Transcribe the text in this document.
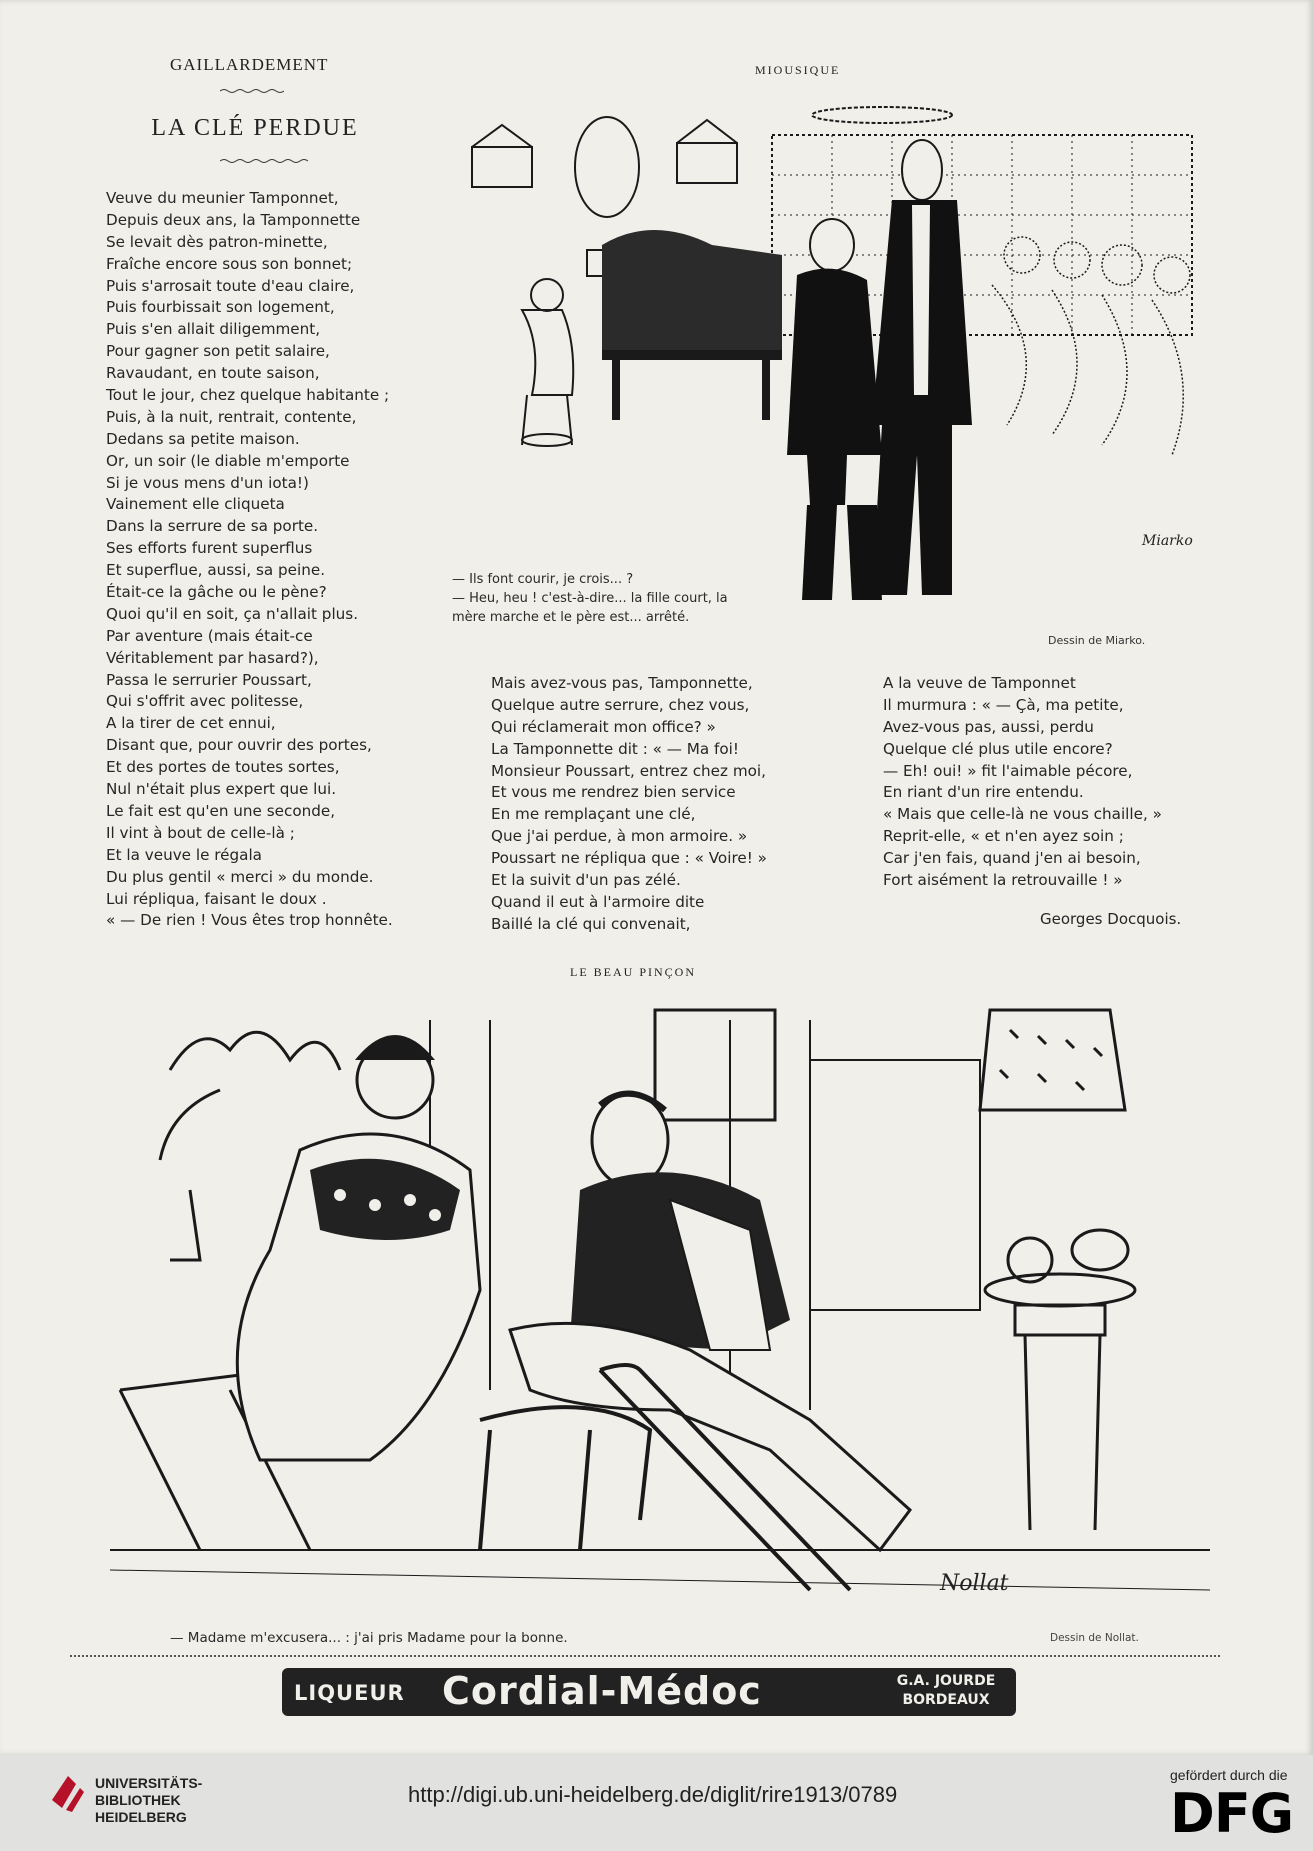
GAILLARDEMENT
LA CLÉ PERDUE
Veuve du meunier Tamponnet,
Depuis deux ans, la Tamponnette
Se levait dès patron-minette,
Fraîche encore sous son bonnet;
Puis s'arrosait toute d'eau claire,
Puis fourbissait son logement,
Puis s'en allait diligemment,
Pour gagner son petit salaire,
Ravaudant, en toute saison,
Tout le jour, chez quelque habitante ;
Puis, à la nuit, rentrait, contente,
Dedans sa petite maison.
Or, un soir (le diable m'emporte
Si je vous mens d'un iota!)
Vainement elle cliqueta
Dans la serrure de sa porte.
Ses efforts furent superflus
Et superflue, aussi, sa peine.
Était-ce la gâche ou le pène?
Quoi qu'il en soit, ça n'allait plus.
Par aventure (mais était-ce
Véritablement par hasard?),
Passa le serrurier Poussart,
Qui s'offrit avec politesse,
A la tirer de cet ennui,
Disant que, pour ouvrir des portes,
Et des portes de toutes sortes,
Nul n'était plus expert que lui.
Le fait est qu'en une seconde,
Il vint à bout de celle-là ;
Et la veuve le régala
Du plus gentil « merci » du monde.
Lui répliqua, faisant le doux .
« — De rien ! Vous êtes trop honnête.
Mais avez-vous pas, Tamponnette,
Quelque autre serrure, chez vous,
Qui réclamerait mon office? »
La Tamponnette dit : « — Ma foi!
Monsieur Poussart, entrez chez moi,
Et vous me rendrez bien service
En me remplaçant une clé,
Que j'ai perdue, à mon armoire. »
Poussart ne répliqua que : « Voire! »
Et la suivit d'un pas zélé.
Quand il eut à l'armoire dite
Baillé la clé qui convenait,
A la veuve de Tamponnet
Il murmura : « — Çà, ma petite,
Avez-vous pas, aussi, perdu
Quelque clé plus utile encore?
— Eh! oui! » fit l'aimable pécore,
En riant d'un rire entendu.
« Mais que celle-là ne vous chaille, »
Reprit-elle, « et n'en ayez soin ;
Car j'en fais, quand j'en ai besoin,
Fort aisément la retrouvaille ! »
Georges Docquois.
MIOUSIQUE
Miarko
— Ils font courir, je crois... ?
— Heu, heu ! c'est-à-dire... la fille court, la
mère marche et le père est... arrêté.
Dessin de Miarko.
LE BEAU PINÇON
Nollat
— Madame m'excusera... : j'ai pris Madame pour la bonne.	Dessin de Nollat.
LIQUEUR Cordial-Médoc	G.A. JOURDE
BORDEAUX
UNIVERSITÄTS-
BIBLIOTHEK
HEIDELBERG
http://digi.ub.uni-heidelberg.de/diglit/rire1913/0789
gefördert durch die
DFG
